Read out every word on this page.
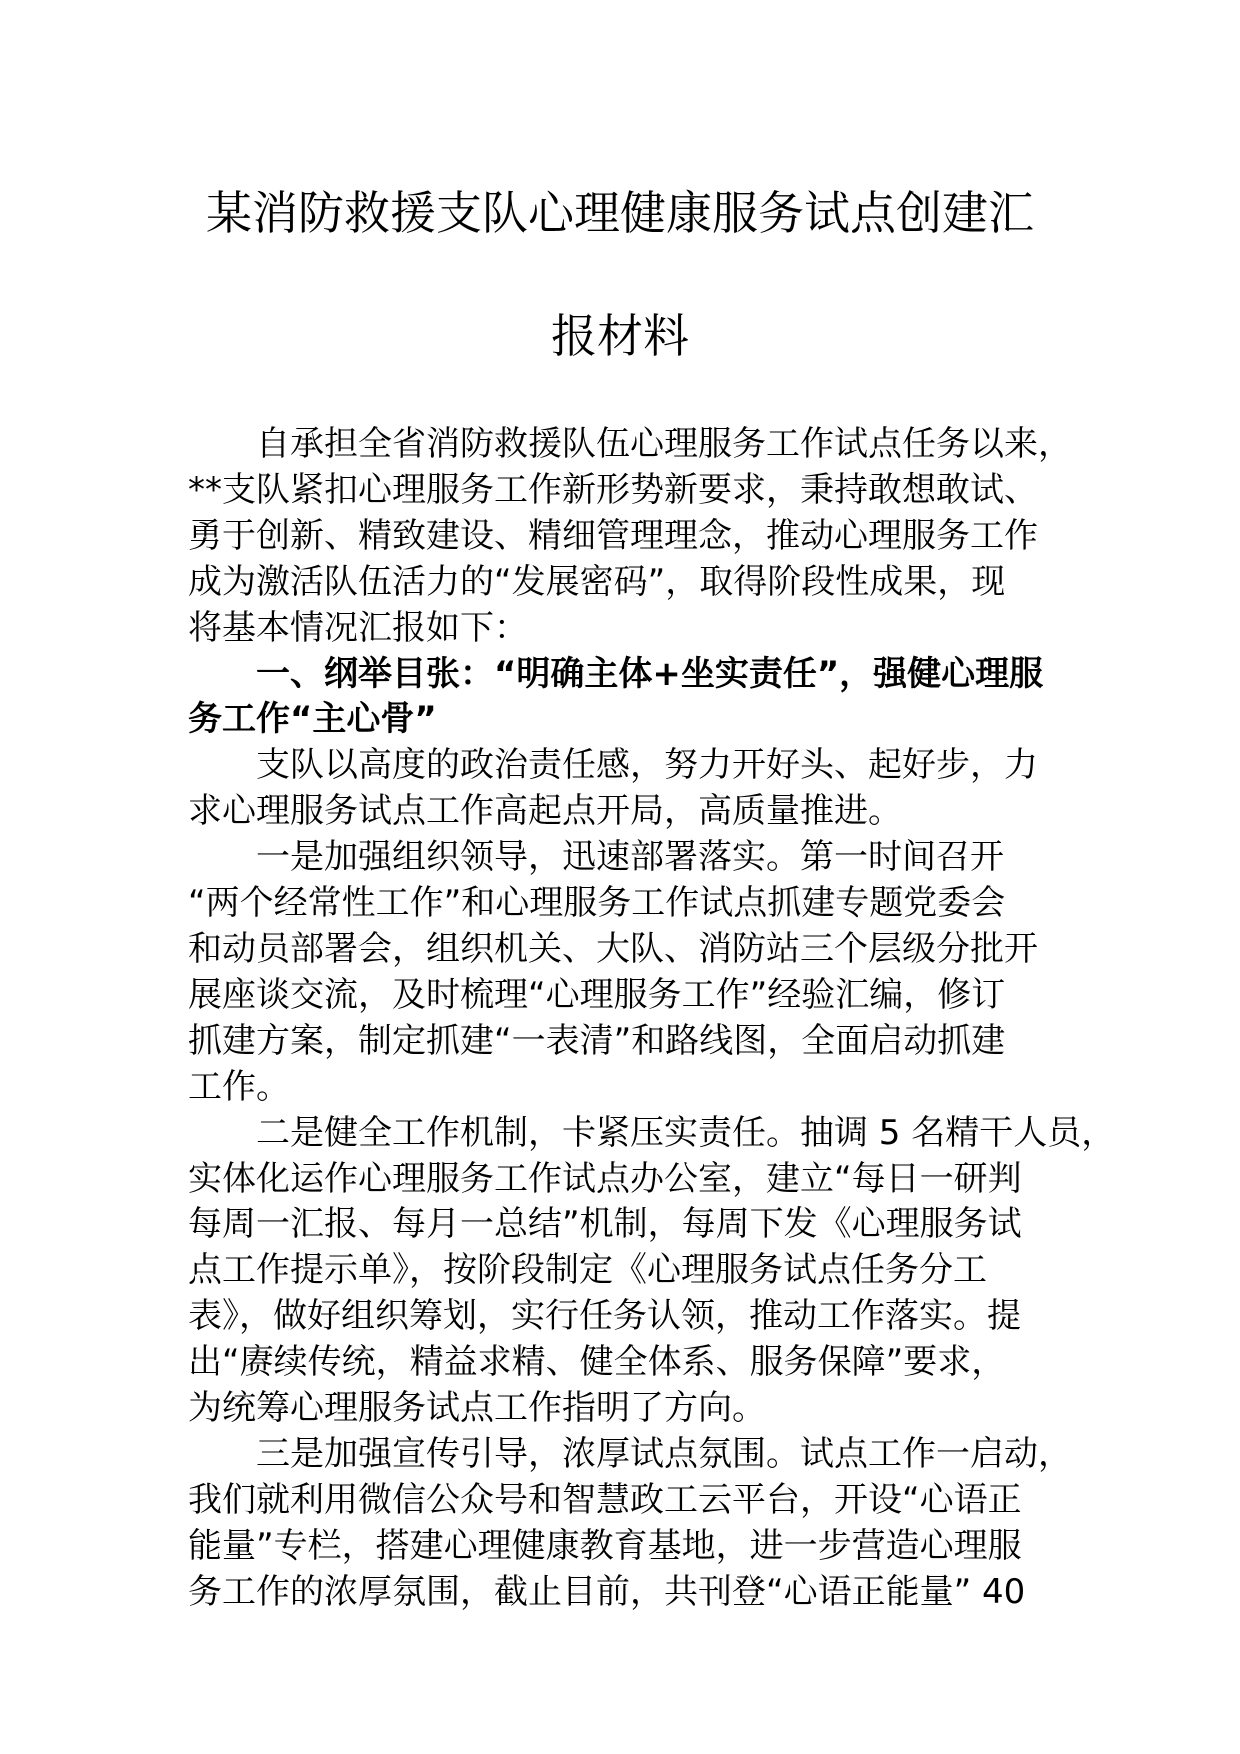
某消防救援支队心理健康服务试点创建汇
报材料

自承担全省消防救援队伍心理服务工作试点任务以来，
**支队紧扣心理服务工作新形势新要求，秉持敢想敢试、
勇于创新、精致建设、精细管理理念，推动心理服务工作
成为激活队伍活力的“发展密码”，取得阶段性成果，现
将基本情况汇报如下：

一、纲举目张：“明确主体+坐实责任”，强健心理服
务工作“主心骨”

支队以高度的政治责任感，努力开好头、起好步，力
求心理服务试点工作高起点开局，高质量推进。

一是加强组织领导，迅速部署落实。第一时间召开
“两个经常性工作”和心理服务工作试点抓建专题党委会
和动员部署会，组织机关、大队、消防站三个层级分批开
展座谈交流，及时梳理“心理服务工作”经验汇编，修订
抓建方案，制定抓建“一表清”和路线图，全面启动抓建
工作。

二是健全工作机制，卡紧压实责任。抽调 5 名精干人员，
实体化运作心理服务工作试点办公室，建立“每日一研判
每周一汇报、每月一总结”机制，每周下发《心理服务试
点工作提示单》，按阶段制定《心理服务试点任务分工
表》，做好组织筹划，实行任务认领，推动工作落实。提
出“赓续传统，精益求精、健全体系、服务保障”要求，
为统筹心理服务试点工作指明了方向。

三是加强宣传引导，浓厚试点氛围。试点工作一启动，
我们就利用微信公众号和智慧政工云平台，开设“心语正
能量”专栏，搭建心理健康教育基地，进一步营造心理服
务工作的浓厚氛围，截止目前，共刊登“心语正能量” 40
